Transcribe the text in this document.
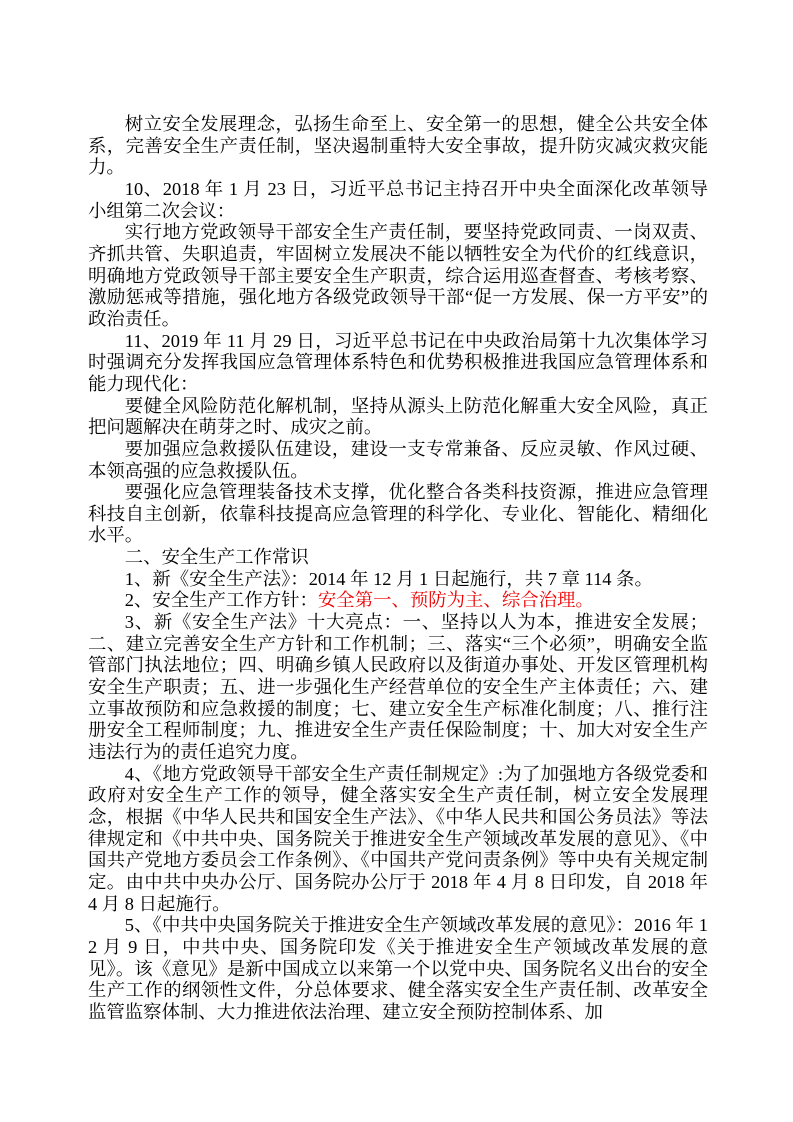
树立安全发展理念，弘扬生命至上、安全第一的思想，健全公共安全体系，完善安全生产责任制，坚决遏制重特大安全事故，提升防灾减灾救灾能力。

10、2018 年 1 月 23 日，习近平总书记主持召开中央全面深化改革领导小组第二次会议：

实行地方党政领导干部安全生产责任制，要坚持党政同责、一岗双责、齐抓共管、失职追责，牢固树立发展决不能以牺牲安全为代价的红线意识，明确地方党政领导干部主要安全生产职责，综合运用巡查督查、考核考察、激励惩戒等措施，强化地方各级党政领导干部“促一方发展、保一方平安”的政治责任。

11、2019 年 11 月 29 日，习近平总书记在中央政治局第十九次集体学习时强调充分发挥我国应急管理体系特色和优势积极推进我国应急管理体系和能力现代化：

要健全风险防范化解机制，坚持从源头上防范化解重大安全风险，真正把问题解决在萌芽之时、成灾之前。

要加强应急救援队伍建设，建设一支专常兼备、反应灵敏、作风过硬、本领高强的应急救援队伍。

要强化应急管理装备技术支撑，优化整合各类科技资源，推进应急管理科技自主创新，依靠科技提高应急管理的科学化、专业化、智能化、精细化水平。

二、安全生产工作常识

1、新《安全生产法》：2014 年 12 月 1 日起施行，共 7 章 114 条。

2、安全生产工作方针：安全第一、预防为主、综合治理。

3、新《安全生产法》十大亮点：一、坚持以人为本，推进安全发展；二、建立完善安全生产方针和工作机制；三、落实“三个必须”，明确安全监管部门执法地位；四、明确乡镇人民政府以及街道办事处、开发区管理机构安全生产职责；五、进一步强化生产经营单位的安全生产主体责任；六、建立事故预防和应急救援的制度；七、建立安全生产标准化制度；八、推行注册安全工程师制度；九、推进安全生产责任保险制度；十、加大对安全生产违法行为的责任追究力度。

4、《地方党政领导干部安全生产责任制规定》:为了加强地方各级党委和政府对安全生产工作的领导，健全落实安全生产责任制，树立安全发展理念，根据《中华人民共和国安全生产法》、《中华人民共和国公务员法》等法律规定和《中共中央、国务院关于推进安全生产领域改革发展的意见》、《中国共产党地方委员会工作条例》、《中国共产党问责条例》等中央有关规定制定。由中共中央办公厅、国务院办公厅于 2018 年 4 月 8 日印发，自 2018 年 4 月 8 日起施行。

5、《中共中央国务院关于推进安全生产领域改革发展的意见》：2016 年 12 月 9 日，中共中央、国务院印发《关于推进安全生产领域改革发展的意见》。该《意见》是新中国成立以来第一个以党中央、国务院名义出台的安全生产工作的纲领性文件，分总体要求、健全落实安全生产责任制、改革安全监管监察体制、大力推进依法治理、建立安全预防控制体系、加
